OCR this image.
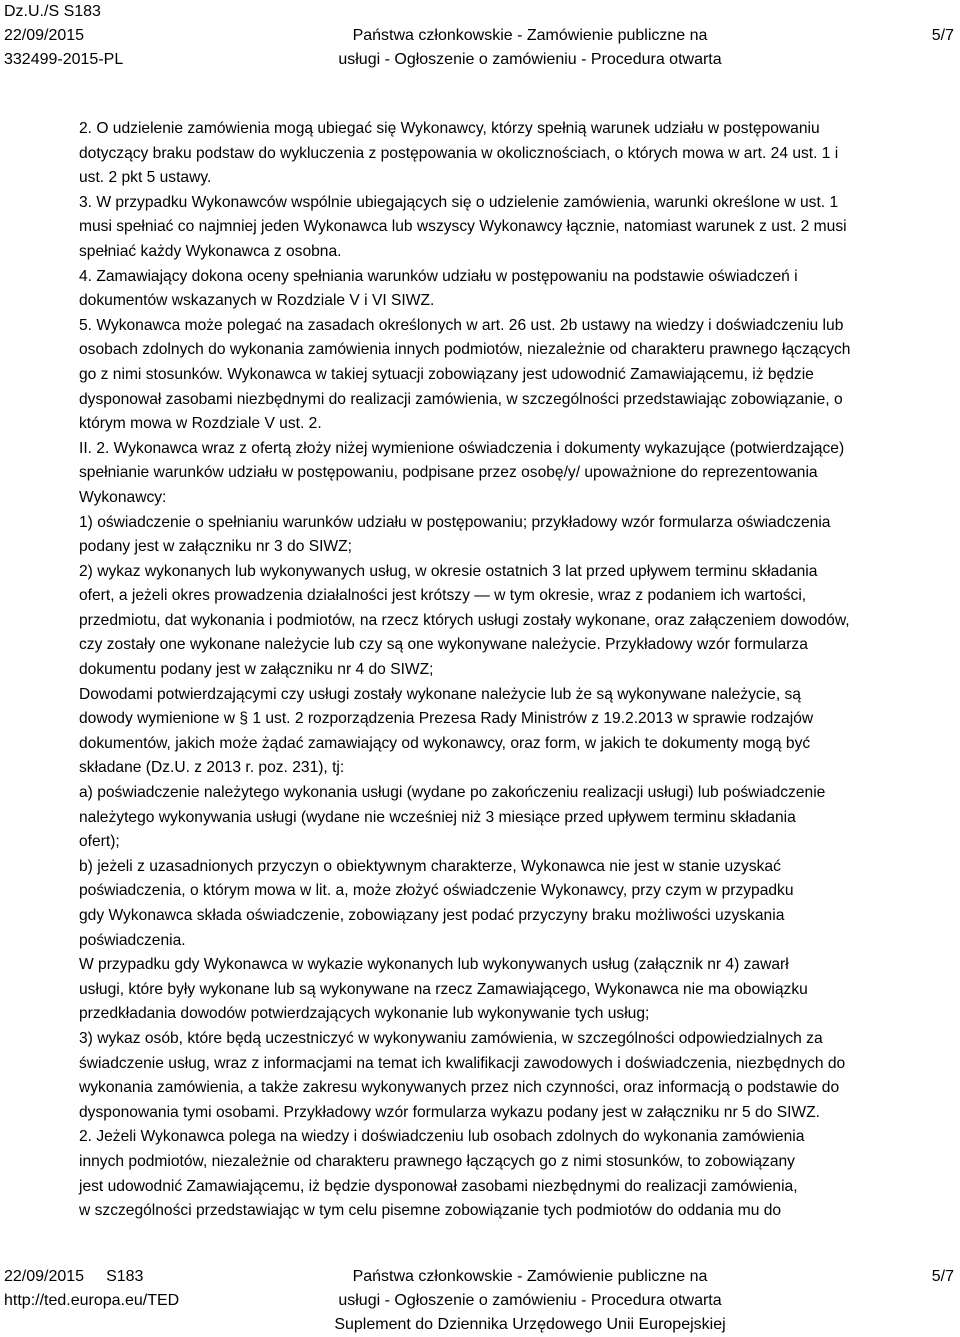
Dz.U./S S183
22/09/2015
332499-2015-PL
Państwa członkowskie - Zamówienie publiczne na
usługi - Ogłoszenie o zamówieniu - Procedura otwarta
5/7
2. O udzielenie zamówienia mogą ubiegać się Wykonawcy, którzy spełnią warunek udziału w postępowaniu
dotyczący braku podstaw do wykluczenia z postępowania w okolicznościach, o których mowa w art. 24 ust. 1 i
ust. 2 pkt 5 ustawy.
3. W przypadku Wykonawców wspólnie ubiegających się o udzielenie zamówienia, warunki określone w ust. 1
musi spełniać co najmniej jeden Wykonawca lub wszyscy Wykonawcy łącznie, natomiast warunek z ust. 2 musi
spełniać każdy Wykonawca z osobna.
4. Zamawiający dokona oceny spełniania warunków udziału w postępowaniu na podstawie oświadczeń i
dokumentów wskazanych w Rozdziale V i VI SIWZ.
5. Wykonawca może polegać na zasadach określonych w art. 26 ust. 2b ustawy na wiedzy i doświadczeniu lub
osobach zdolnych do wykonania zamówienia innych podmiotów, niezależnie od charakteru prawnego łączących
go z nimi stosunków. Wykonawca w takiej sytuacji zobowiązany jest udowodnić Zamawiającemu, iż będzie
dysponował zasobami niezbędnymi do realizacji zamówienia, w szczególności przedstawiając zobowiązanie, o
którym mowa w Rozdziale V ust. 2.
II. 2. Wykonawca wraz z ofertą złoży niżej wymienione oświadczenia i dokumenty wykazujące (potwierdzające)
spełnianie warunków udziału w postępowaniu, podpisane przez osobę/y/ upoważnione do reprezentowania
Wykonawcy:
1) oświadczenie o spełnianiu warunków udziału w postępowaniu; przykładowy wzór formularza oświadczenia
podany jest w załączniku nr 3 do SIWZ;
2) wykaz wykonanych lub wykonywanych usług, w okresie ostatnich 3 lat przed upływem terminu składania
ofert, a jeżeli okres prowadzenia działalności jest krótszy — w tym okresie, wraz z podaniem ich wartości,
przedmiotu, dat wykonania i podmiotów, na rzecz których usługi zostały wykonane, oraz załączeniem dowodów,
czy zostały one wykonane należycie lub czy są one wykonywane należycie. Przykładowy wzór formularza
dokumentu podany jest w załączniku nr 4 do SIWZ;
Dowodami potwierdzającymi czy usługi zostały wykonane należycie lub że są wykonywane należycie, są
dowody wymienione w § 1 ust. 2 rozporządzenia Prezesa Rady Ministrów z 19.2.2013 w sprawie rodzajów
dokumentów, jakich może żądać zamawiający od wykonawcy, oraz form, w jakich te dokumenty mogą być
składane (Dz.U. z 2013 r. poz. 231), tj:
a) poświadczenie należytego wykonania usługi (wydane po zakończeniu realizacji usługi) lub poświadczenie
należytego wykonywania usługi (wydane nie wcześniej niż 3 miesiące przed upływem terminu składania
ofert);
b) jeżeli z uzasadnionych przyczyn o obiektywnym charakterze, Wykonawca nie jest w stanie uzyskać
poświadczenia, o którym mowa w lit. a, może złożyć oświadczenie Wykonawcy, przy czym w przypadku
gdy Wykonawca składa oświadczenie, zobowiązany jest podać przyczyny braku możliwości uzyskania
poświadczenia.
W przypadku gdy Wykonawca w wykazie wykonanych lub wykonywanych usług (załącznik nr 4) zawarł
usługi, które były wykonane lub są wykonywane na rzecz Zamawiającego, Wykonawca nie ma obowiązku
przedkładania dowodów potwierdzających wykonanie lub wykonywanie tych usług;
3) wykaz osób, które będą uczestniczyć w wykonywaniu zamówienia, w szczególności odpowiedzialnych za
świadczenie usług, wraz z informacjami na temat ich kwalifikacji zawodowych i doświadczenia, niezbędnych do
wykonania zamówienia, a także zakresu wykonywanych przez nich czynności, oraz informacją o podstawie do
dysponowania tymi osobami. Przykładowy wzór formularza wykazu podany jest w załączniku nr 5 do SIWZ.
2. Jeżeli Wykonawca polega na wiedzy i doświadczeniu lub osobach zdolnych do wykonania zamówienia
innych podmiotów, niezależnie od charakteru prawnego łączących go z nimi stosunków, to zobowiązany
jest udowodnić Zamawiającemu, iż będzie dysponował zasobami niezbędnymi do realizacji zamówienia,
w szczególności przedstawiając w tym celu pisemne zobowiązanie tych podmiotów do oddania mu do
22/09/2015 S183
http://ted.europa.eu/TED
Państwa członkowskie - Zamówienie publiczne na
usługi - Ogłoszenie o zamówieniu - Procedura otwarta
Suplement do Dziennika Urzędowego Unii Europejskiej
5/7
